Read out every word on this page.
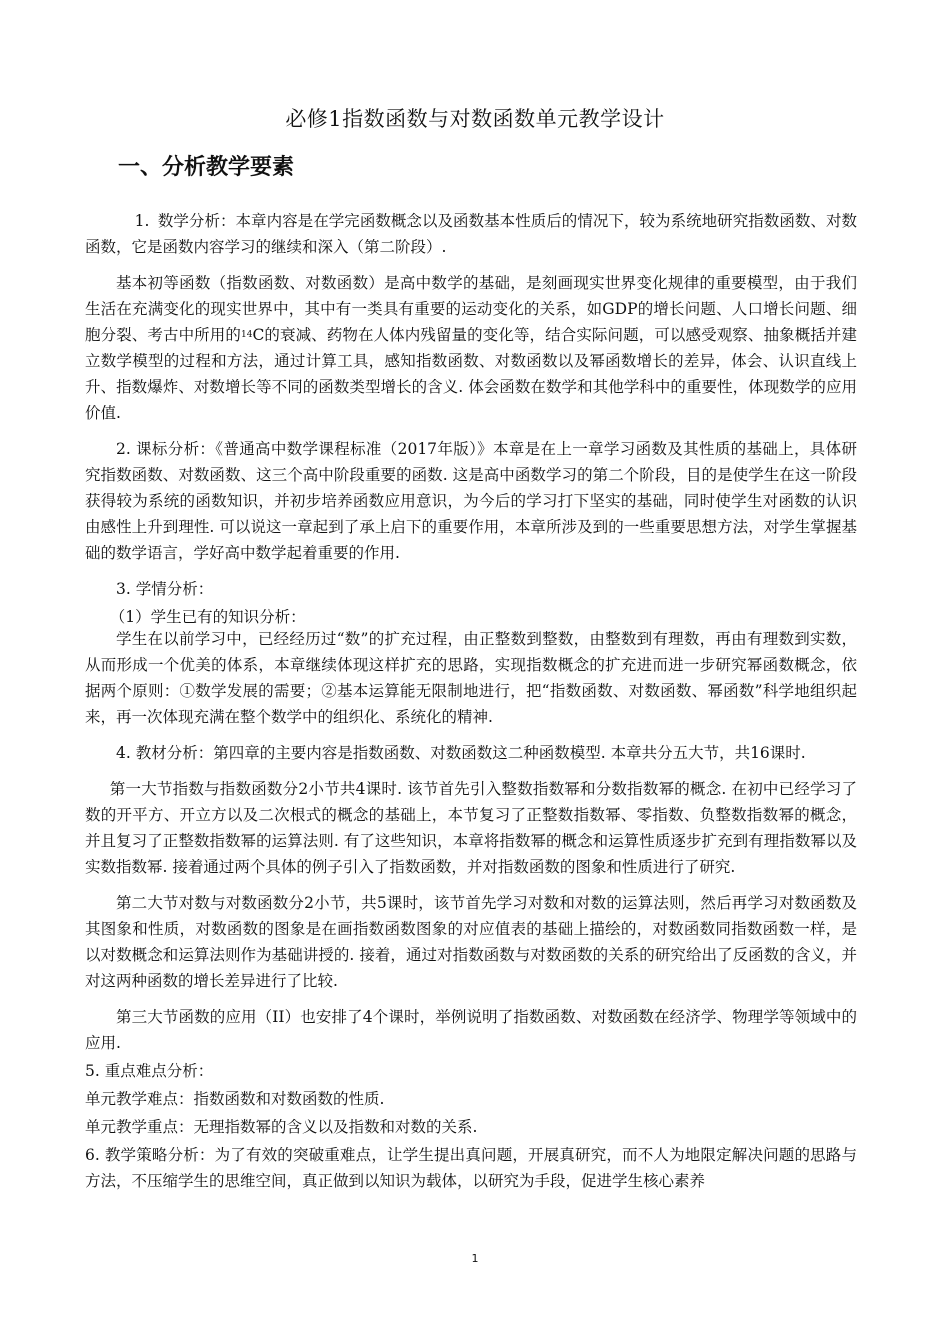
必修1指数函数与对数函数单元教学设计
一、分析教学要素

1. 数学分析：本章内容是在学完函数概念以及函数基本性质后的情况下，较为系统地研究指数函数、对数函数，它是函数内容学习的继续和深入（第二阶段）.

基本初等函数（指数函数、对数函数）是高中数学的基础，是刻画现实世界变化规律的重要模型，由于我们生活在充满变化的现实世界中，其中有一类具有重要的运动变化的关系，如GDP的增长问题、人口增长问题、细胞分裂、考古中所用的$^{14}$C的衰减、药物在人体内残留量的变化等，结合实际问题，可以感受观察、抽象概括并建立数学模型的过程和方法，通过计算工具，感知指数函数、对数函数以及幂函数增长的差异，体会、认识直线上升、指数爆炸、对数增长等不同的函数类型增长的含义. 体会函数在数学和其他学科中的重要性，体现数学的应用价值.

2. 课标分析：《普通高中数学课程标准（2017年版）》本章是在上一章学习函数及其性质的基础上，具体研究指数函数、对数函数、这三个高中阶段重要的函数. 这是高中函数学习的第二个阶段，目的是使学生在这一阶段获得较为系统的函数知识，并初步培养函数应用意识，为今后的学习打下坚实的基础，同时使学生对函数的认识由感性上升到理性. 可以说这一章起到了承上启下的重要作用，本章所涉及到的一些重要思想方法，对学生掌握基础的数学语言，学好高中数学起着重要的作用.

3. 学情分析：

（1）学生已有的知识分析：

学生在以前学习中，已经经历过“数”的扩充过程，由正整数到整数，由整数到有理数，再由有理数到实数，从而形成一个优美的体系，本章继续体现这样扩充的思路，实现指数概念的扩充进而进一步研究幂函数概念，依据两个原则：①数学发展的需要；②基本运算能无限制地进行，把“指数函数、对数函数、幂函数”科学地组织起来，再一次体现充满在整个数学中的组织化、系统化的精神.

4. 教材分析：第四章的主要内容是指数函数、对数函数这二种函数模型. 本章共分五大节，共16课时.

第一大节指数与指数函数分2小节共4课时. 该节首先引入整数指数幂和分数指数幂的概念. 在初中已经学习了数的开平方、开立方以及二次根式的概念的基础上，本节复习了正整数指数幂、零指数、负整数指数幂的概念，并且复习了正整数指数幂的运算法则. 有了这些知识，本章将指数幂的概念和运算性质逐步扩充到有理指数幂以及实数指数幂. 接着通过两个具体的例子引入了指数函数，并对指数函数的图象和性质进行了研究.

第二大节对数与对数函数分2小节，共5课时，该节首先学习对数和对数的运算法则，然后再学习对数函数及其图象和性质，对数函数的图象是在画指数函数图象的对应值表的基础上描绘的，对数函数同指数函数一样，是以对数概念和运算法则作为基础讲授的. 接着，通过对指数函数与对数函数的关系的研究给出了反函数的含义，并对这两种函数的增长差异进行了比较.

第三大节函数的应用（II）也安排了4个课时，举例说明了指数函数、对数函数在经济学、物理学等领域中的应用.

5. 重点难点分析：

单元教学难点：指数函数和对数函数的性质.

单元教学重点：无理指数幂的含义以及指数和对数的关系.

6. 教学策略分析：为了有效的突破重难点，让学生提出真问题，开展真研究，而不人为地限定解决问题的思路与方法，不压缩学生的思维空间，真正做到以知识为载体，以研究为手段，促进学生核心素养

1
